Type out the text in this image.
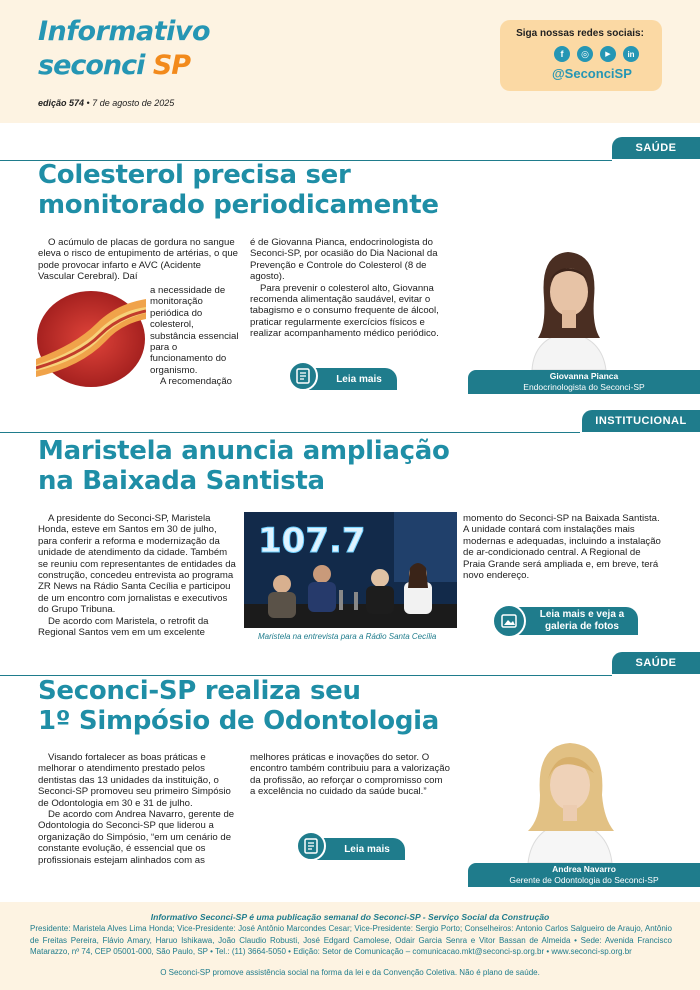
Informativo
seconci SP
edição 574 • 7 de agosto de 2025
Siga nossas redes sociais:
f	◎	▶	in
@SeconciSP
SAÚDE
Colesterol precisa ser
monitorado periodicamente

O acúmulo de placas de gordura no sangue eleva o risco de entupimento de artérias, o que pode provocar infarto e AVC (Acidente Vascular Cerebral). Daí

a necessidade de monitoração periódica do colesterol, substância essencial para o funcionamento do organismo.

A recomendação

é de Giovanna Pianca, endocrinologista do Seconci-SP, por ocasião do Dia Nacional da Prevenção e Controle do Colesterol (8 de agosto).

Para prevenir o colesterol alto, Giovanna recomenda alimentação saudável, evitar o tabagismo e o consumo frequente de álcool, praticar regularmente exercícios físicos e realizar acompanhamento médico periódico.

Leia mais	Giovanna Pianca
Endocrinologista do Seconci-SP
INSTITUCIONAL
Maristela anuncia ampliação
na Baixada Santista

A presidente do Seconci-SP, Maristela Honda, esteve em Santos em 30 de julho, para conferir a reforma e modernização da unidade de atendimento da cidade. Também se reuniu com representantes de entidades da construção, concedeu entrevista ao programa ZR News na Rádio Santa Cecília e participou de um encontro com jornalistas e executivos do Grupo Tribuna.

De acordo com Maristela, o retrofit da Regional Santos vem em um excelente

107.7
Maristela na entrevista para a Rádio Santa Cecília

momento do Seconci-SP na Baixada Santista. A unidade contará com instalações mais modernas e adequadas, incluindo a instalação de ar-condicionado central. A Regional de Praia Grande será ampliada e, em breve, terá novo endereço.

Leia mais e veja a
galeria de fotos
SAÚDE
Seconci-SP realiza seu
1º Simpósio de Odontologia

Visando fortalecer as boas práticas e melhorar o atendimento prestado pelos dentistas das 13 unidades da instituição, o Seconci-SP promoveu seu primeiro Simpósio de Odontologia em 30 e 31 de julho.

De acordo com Andrea Navarro, gerente de Odontologia do Seconci-SP que liderou a organização do Simpósio, “em um cenário de constante evolução, é essencial que os profissionais estejam alinhados com as

melhores práticas e inovações do setor. O encontro também contribuiu para a valorização da profissão, ao reforçar o compromisso com a excelência no cuidado da saúde bucal.”

Leia mais
Andrea Navarro
Gerente de Odontologia do Seconci-SP
Informativo Seconci-SP é uma publicação semanal do Seconci-SP - Serviço Social da Construção
Presidente: Maristela Alves Lima Honda; Vice-Presidente: José Antônio Marcondes Cesar; Vice-Presidente: Sergio Porto; Conselheiros: Antonio Carlos Salgueiro de Araujo, Antônio de Freitas Pereira, Flávio Amary, Haruo Ishikawa, João Claudio Robusti, José Edgard Camolese, Odair Garcia Senra e Vitor Bassan de Almeida • Sede: Avenida Francisco Matarazzo, nº 74, CEP 05001-000, São Paulo, SP • Tel.: (11) 3664-5050 • Edição: Setor de Comunicação – comunicacao.mkt@seconci-sp.org.br • www.seconci-sp.org.br
O Seconci-SP promove assistência social na forma da lei e da Convenção Coletiva. Não é plano de saúde.
